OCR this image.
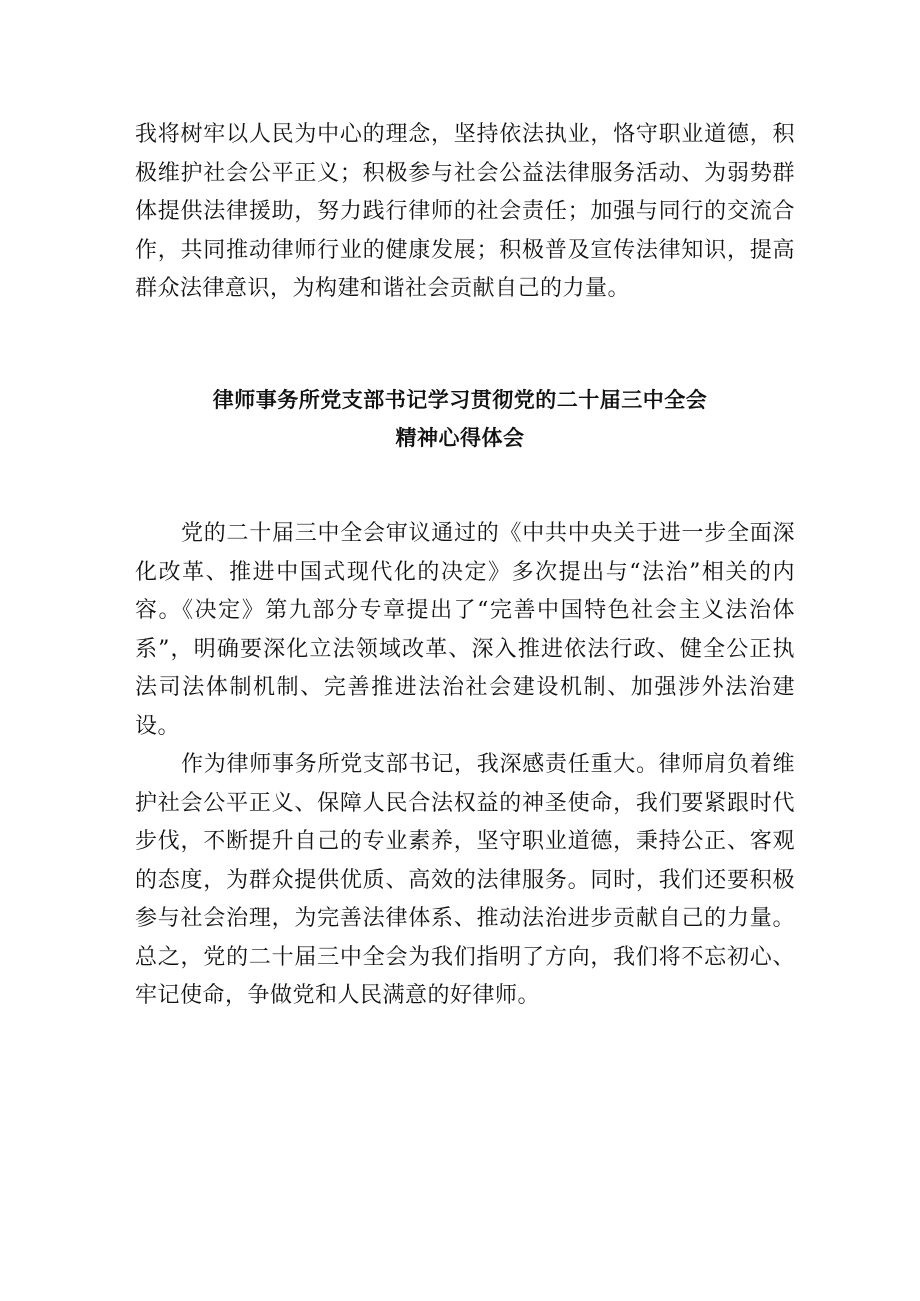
我将树牢以人民为中心的理念，坚持依法执业，恪守职业道德，积极维护社会公平正义；积极参与社会公益法律服务活动、为弱势群体提供法律援助，努力践行律师的社会责任；加强与同行的交流合作，共同推动律师行业的健康发展；积极普及宣传法律知识，提高群众法律意识，为构建和谐社会贡献自己的力量。

律师事务所党支部书记学习贯彻党的二十届三中全会
精神心得体会

党的二十届三中全会审议通过的《中共中央关于进一步全面深化改革、推进中国式现代化的决定》多次提出与“法治”相关的内容。《决定》第九部分专章提出了“完善中国特色社会主义法治体系”，明确要深化立法领域改革、深入推进依法行政、健全公正执法司法体制机制、完善推进法治社会建设机制、加强涉外法治建设。

作为律师事务所党支部书记，我深感责任重大。律师肩负着维护社会公平正义、保障人民合法权益的神圣使命，我们要紧跟时代步伐，不断提升自己的专业素养，坚守职业道德，秉持公正、客观的态度，为群众提供优质、高效的法律服务。同时，我们还要积极参与社会治理，为完善法律体系、推动法治进步贡献自己的力量。总之，党的二十届三中全会为我们指明了方向，我们将不忘初心、牢记使命，争做党和人民满意的好律师。
